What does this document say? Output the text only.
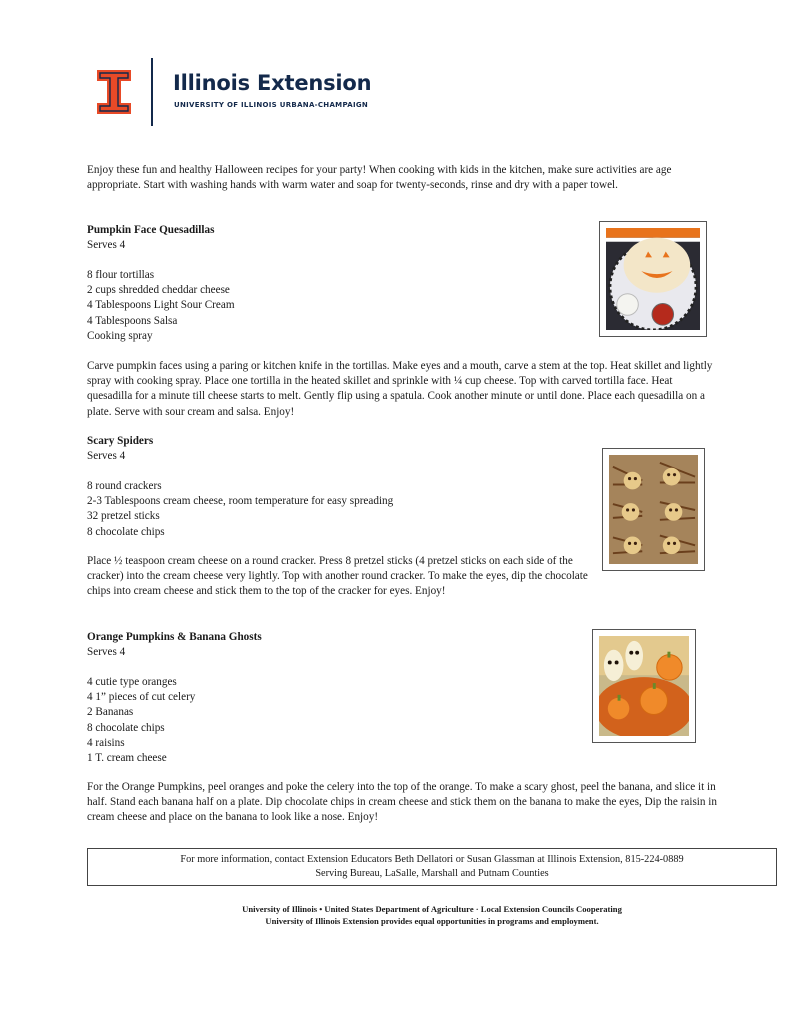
Illinois Extension
UNIVERSITY OF ILLINOIS URBANA-CHAMPAIGN

Enjoy these fun and healthy Halloween recipes for your party! When cooking with kids in the kitchen, make sure activities are age appropriate. Start with washing hands with warm water and soap for twenty-seconds, rinse and dry with a paper towel.

Pumpkin Face Quesadillas
Serves 4
8 flour tortillas
2 cups shredded cheddar cheese
4 Tablespoons Light Sour Cream
4 Tablespoons Salsa
Cooking spray

Carve pumpkin faces using a paring or kitchen knife in the tortillas. Make eyes and a mouth, carve a stem at the top. Heat skillet and lightly spray with cooking spray. Place one tortilla in the heated skillet and sprinkle with ¼ cup cheese. Top with carved tortilla face. Heat quesadilla for a minute till cheese starts to melt. Gently flip using a spatula. Cook another minute or until done. Place each quesadilla on a plate. Serve with sour cream and salsa. Enjoy!

Scary Spiders
Serves 4
8 round crackers
2-3 Tablespoons cream cheese, room temperature for easy spreading
32 pretzel sticks
8 chocolate chips

Place ½ teaspoon cream cheese on a round cracker. Press 8 pretzel sticks (4 pretzel sticks on each side of the cracker) into the cream cheese very lightly. Top with another round cracker. To make the eyes, dip the chocolate chips into cream cheese and stick them to the top of the cracker for eyes. Enjoy!

Orange Pumpkins & Banana Ghosts
Serves 4
4 cutie type oranges
4 1” pieces of cut celery
2 Bananas
8 chocolate chips
4 raisins
1 T. cream cheese

For the Orange Pumpkins, peel oranges and poke the celery into the top of the orange. To make a scary ghost, peel the banana, and slice it in half. Stand each banana half on a plate. Dip chocolate chips in cream cheese and stick them on the banana to make the eyes, Dip the raisin in cream cheese and place on the banana to look like a nose. Enjoy!

For more information, contact Extension Educators Beth Dellatori or Susan Glassman at Illinois Extension, 815-224-0889
Serving Bureau, LaSalle, Marshall and Putnam Counties
University of Illinois • United States Department of Agriculture · Local Extension Councils Cooperating
University of Illinois Extension provides equal opportunities in programs and employment.
